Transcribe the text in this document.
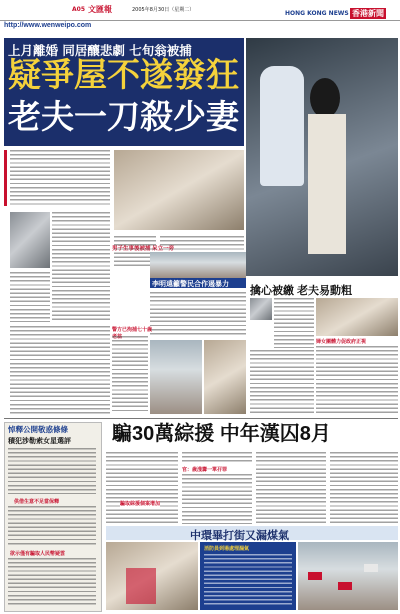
A05 文匯報	2005年8月30日（星期二）	HONG KONG NEWS 香港新聞
http://www.wenweipo.com
上月離婚 同居釀悲劇 七旬翁被捕
疑爭屋不遂發狂
老夫一刀殺少妻
男子生事後被捕 呆立一旁
李明遠籲警民合作遏暴力
警方已拘捕七十歲老翁
擒心被繳 老夫易動粗
婦女團體力促政府正視
悼釋公開敬惑條條
積犯涉勒索女星選評
供借生意不足當保釋
欲示僅有騙取人民幣疑雲
騙30萬綜援 中年漢囚8月
官：歲淺籌一單孖罪
騙取綜援個案增加
中環畢打街又漏煤氣
消防員到場處理漏氣
